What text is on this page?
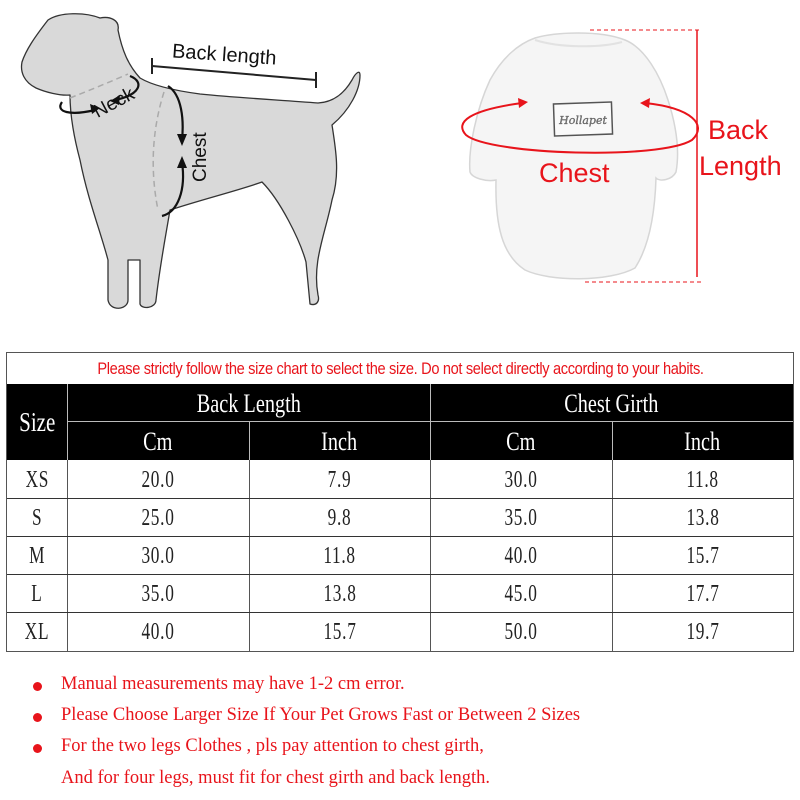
Back length
Neck
Chest
Hollapet
Chest
Back
Length
Please strictly follow the size chart to select the size. Do not select directly according to your habits.
Size
Back Length	Chest Girth
Cm	Inch	Cm	Inch
XS	20.0	7.9	30.0	11.8
S	25.0	9.8	35.0	13.8
M	30.0	11.8	40.0	15.7
L	35.0	13.8	45.0	17.7
XL	40.0	15.7	50.0	19.7
Manual measurements may have 1-2 cm error.
Please Choose Larger Size If Your Pet Grows Fast or Between 2 Sizes
For the two legs Clothes , pls pay attention to chest girth,
And for four legs, must fit for chest girth and back length.
